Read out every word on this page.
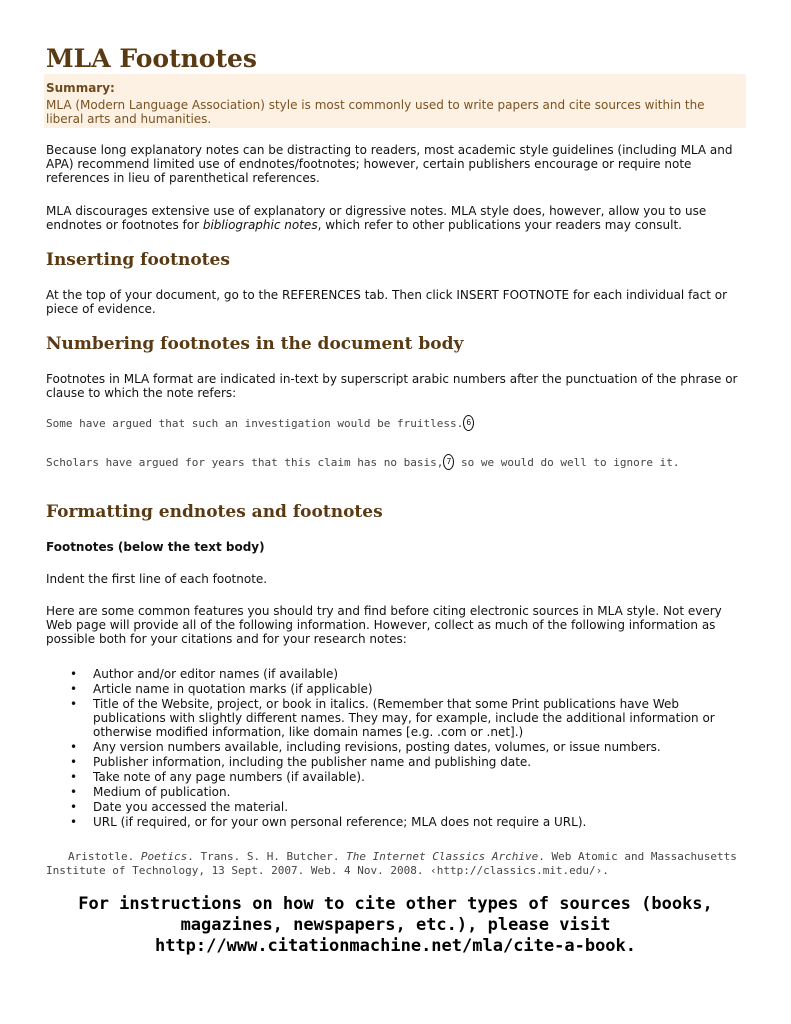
MLA Footnotes
Summary:
MLA (Modern Language Association) style is most commonly used to write papers and cite sources within the liberal arts and humanities.

Because long explanatory notes can be distracting to readers, most academic style guidelines (including MLA and APA) recommend limited use of endnotes/footnotes; however, certain publishers encourage or require note references in lieu of parenthetical references.

MLA discourages extensive use of explanatory or digressive notes. MLA style does, however, allow you to use endnotes or footnotes for bibliographic notes, which refer to other publications your readers may consult.

Inserting footnotes

At the top of your document, go to the REFERENCES tab. Then click INSERT FOOTNOTE for each individual fact or piece of evidence.

Numbering footnotes in the document body

Footnotes in MLA format are indicated in-text by superscript arabic numbers after the punctuation of the phrase or clause to which the note refers:

Some have argued that such an investigation would be fruitless. 6
Scholars have argued for years that this claim has no basis, 7 so we would do well to ignore it.
Formatting endnotes and footnotes
Footnotes (below the text body)

Indent the first line of each footnote.

Here are some common features you should try and find before citing electronic sources in MLA style. Not every Web page will provide all of the following information. However, collect as much of the following information as possible both for your citations and for your research notes:

• Author and/or editor names (if available)
• Article name in quotation marks (if applicable)
• Title of the Website, project, or book in italics. (Remember that some Print publications have Web publications with slightly different names. They may, for example, include the additional information or otherwise modified information, like domain names [e.g. .com or .net].)
• Any version numbers available, including revisions, posting dates, volumes, or issue numbers.
• Publisher information, including the publisher name and publishing date.
• Take note of any page numbers (if available).
• Medium of publication.
• Date you accessed the material.
• URL (if required, or for your own personal reference; MLA does not require a URL).
Aristotle. Poetics. Trans. S. H. Butcher. The Internet Classics Archive. Web Atomic and Massachusetts Institute of Technology, 13 Sept. 2007. Web. 4 Nov. 2008. ‹http://classics.mit.edu/›.
For instructions on how to cite other types of sources (books,
magazines, newspapers, etc.), please visit
http://www.citationmachine.net/mla/cite-a-book.
